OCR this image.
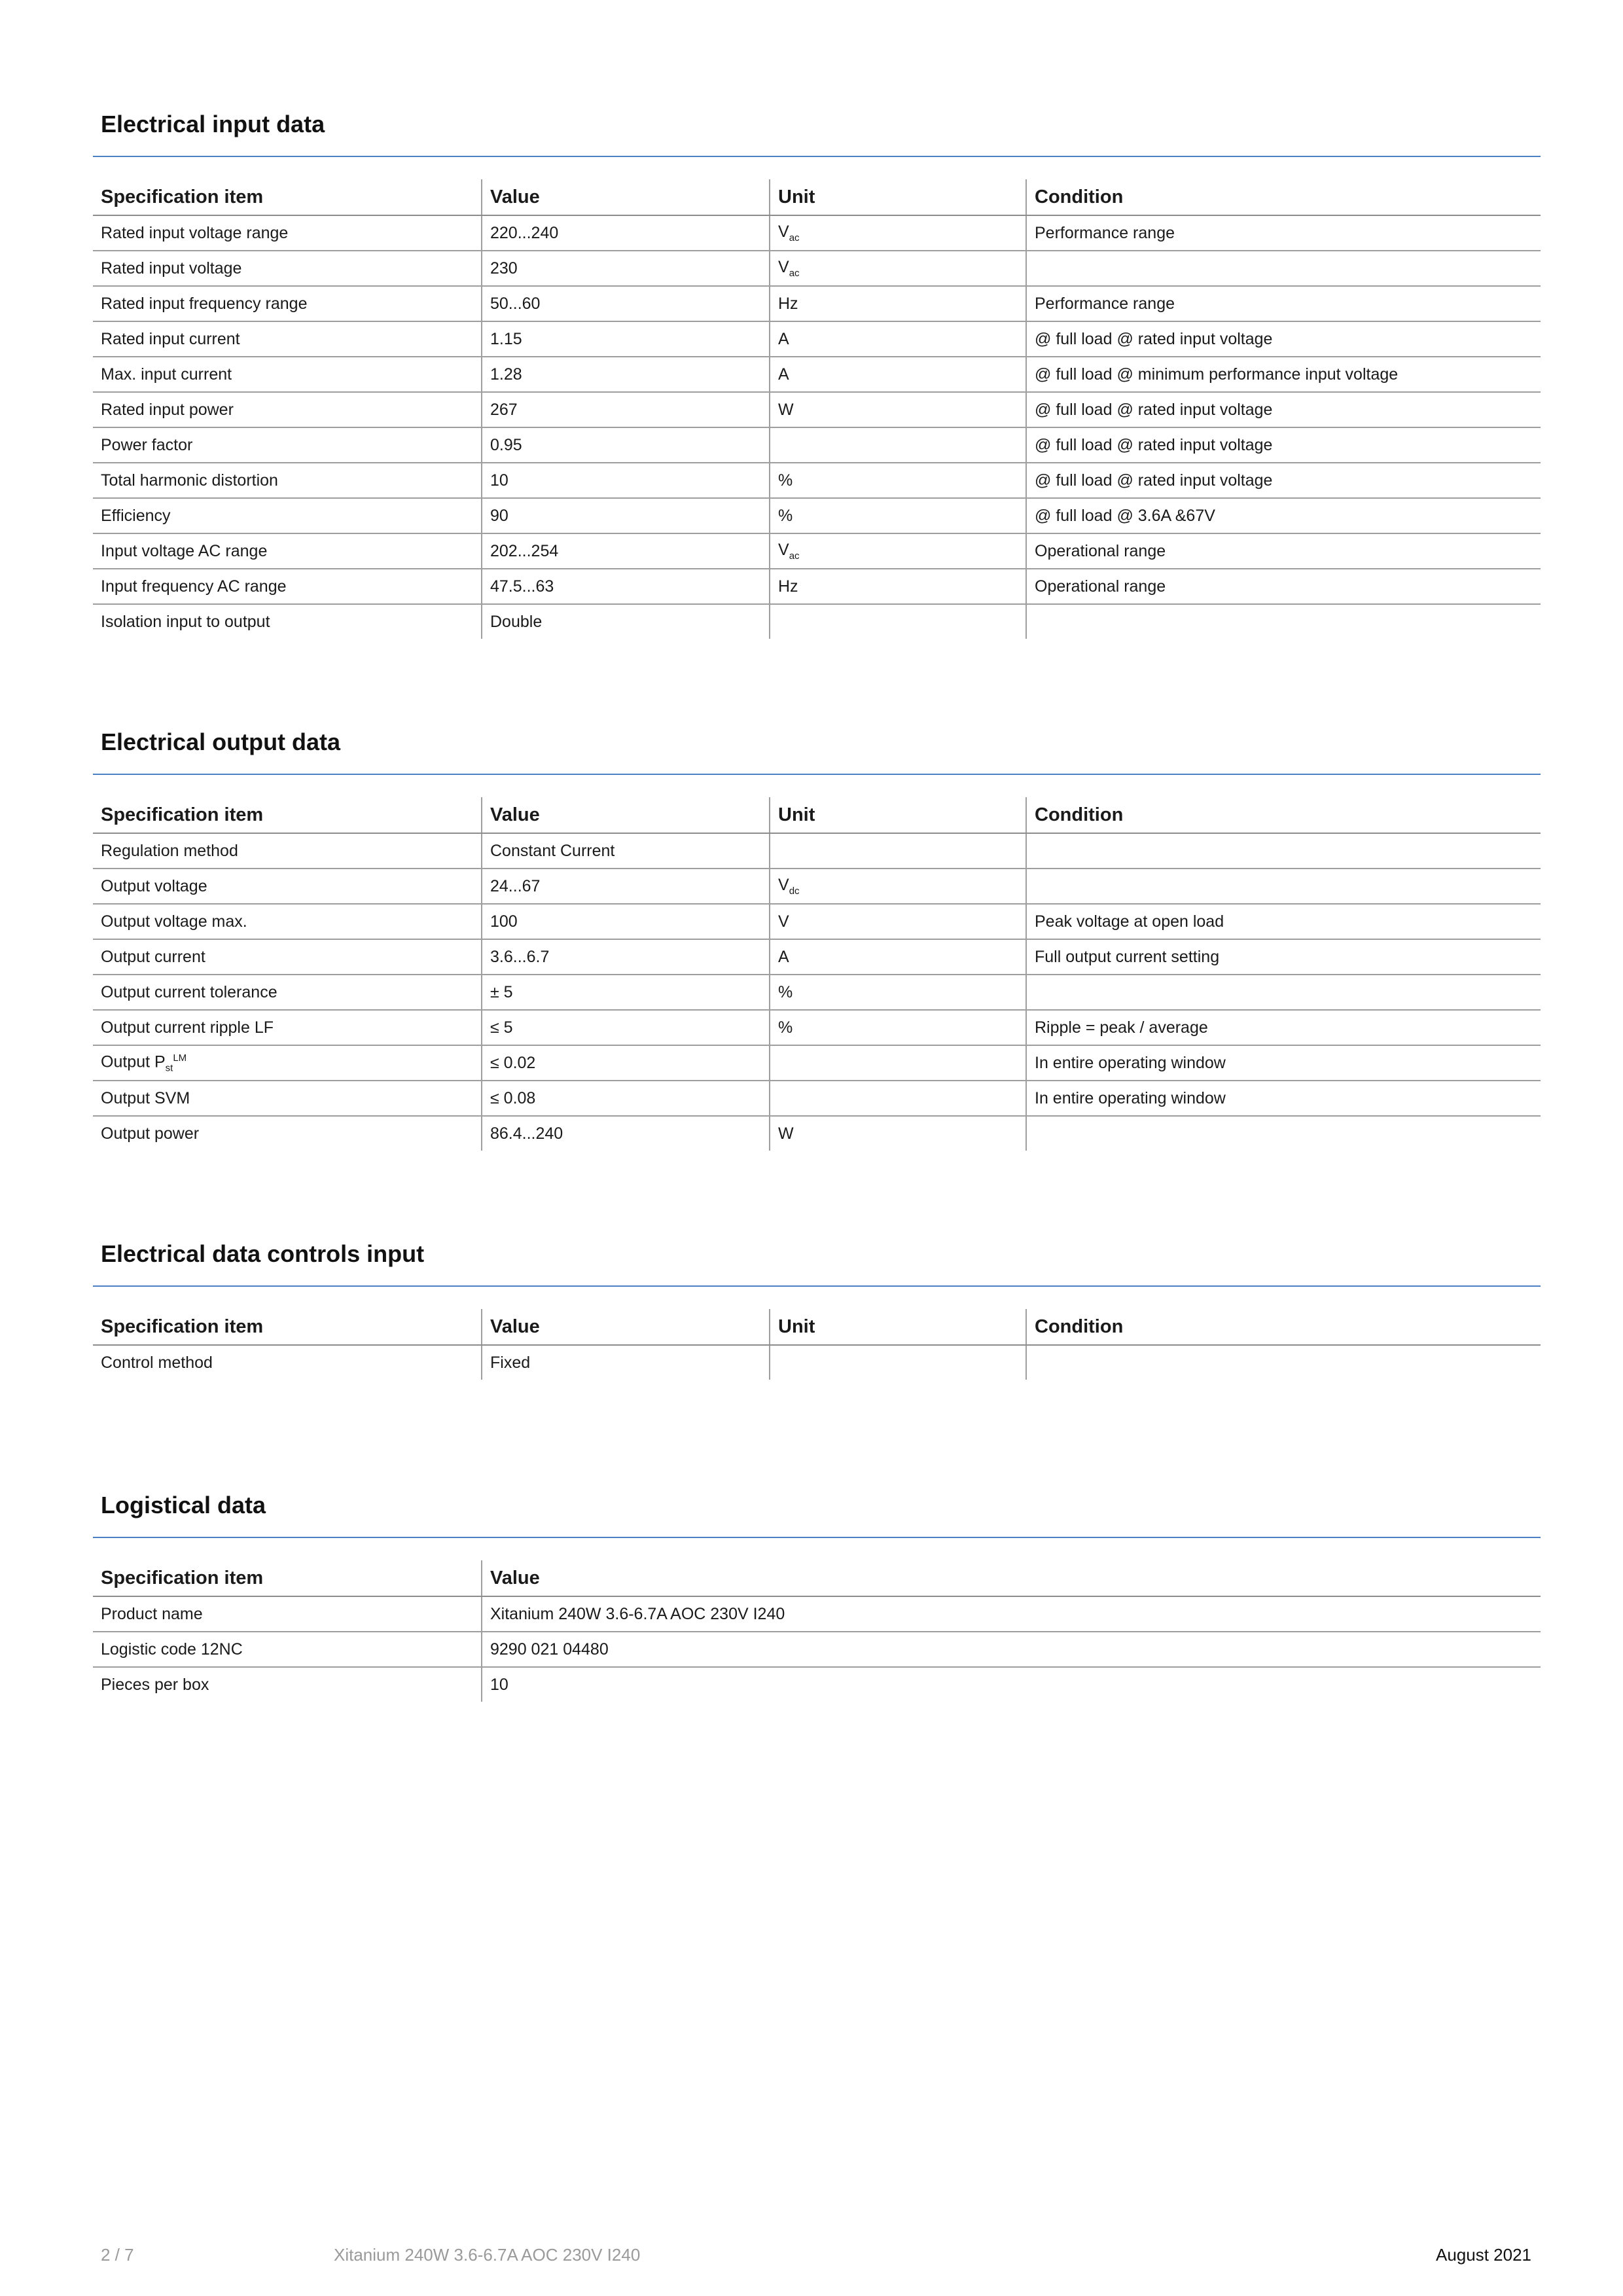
Electrical input data
Specification item	Value	Unit	Condition
Rated input voltage range	220...240	$V_{ac}$	Performance range
Rated input voltage	230	$V_{ac}$	
Rated input frequency range	50...60	Hz	Performance range
Rated input current	1.15	A	@ full load @ rated input voltage
Max. input current	1.28	A	@ full load @ minimum performance input voltage
Rated input power	267	W	@ full load @ rated input voltage
Power factor	0.95		@ full load @ rated input voltage
Total harmonic distortion	10	%	@ full load @ rated input voltage
Efficiency	90	%	@ full load @ 3.6A &67V
Input voltage AC range	202...254	$V_{ac}$	Operational range
Input frequency AC range	47.5...63	Hz	Operational range
Isolation input to output	Double		
Electrical output data
Specification item	Value	Unit	Condition
Regulation method	Constant Current		
Output voltage	24...67	$V_{dc}$	
Output voltage max.	100	V	Peak voltage at open load
Output current	3.6...6.7	A	Full output current setting
Output current tolerance	± 5	%	
Output current ripple LF	≤ 5	%	Ripple = peak / average
Output $P_{st}^{LM}$	≤ 0.02		In entire operating window
Output SVM	≤ 0.08		In entire operating window
Output power	86.4...240	W	
Electrical data controls input
Specification item	Value	Unit	Condition
Control method	Fixed		
Logistical data
Specification item	Value
Product name	Xitanium 240W 3.6-6.7A AOC 230V I240
Logistic code 12NC	9290 021 04480
Pieces per box	10
2 / 7	Xitanium 240W 3.6-6.7A AOC 230V I240	August 2021
